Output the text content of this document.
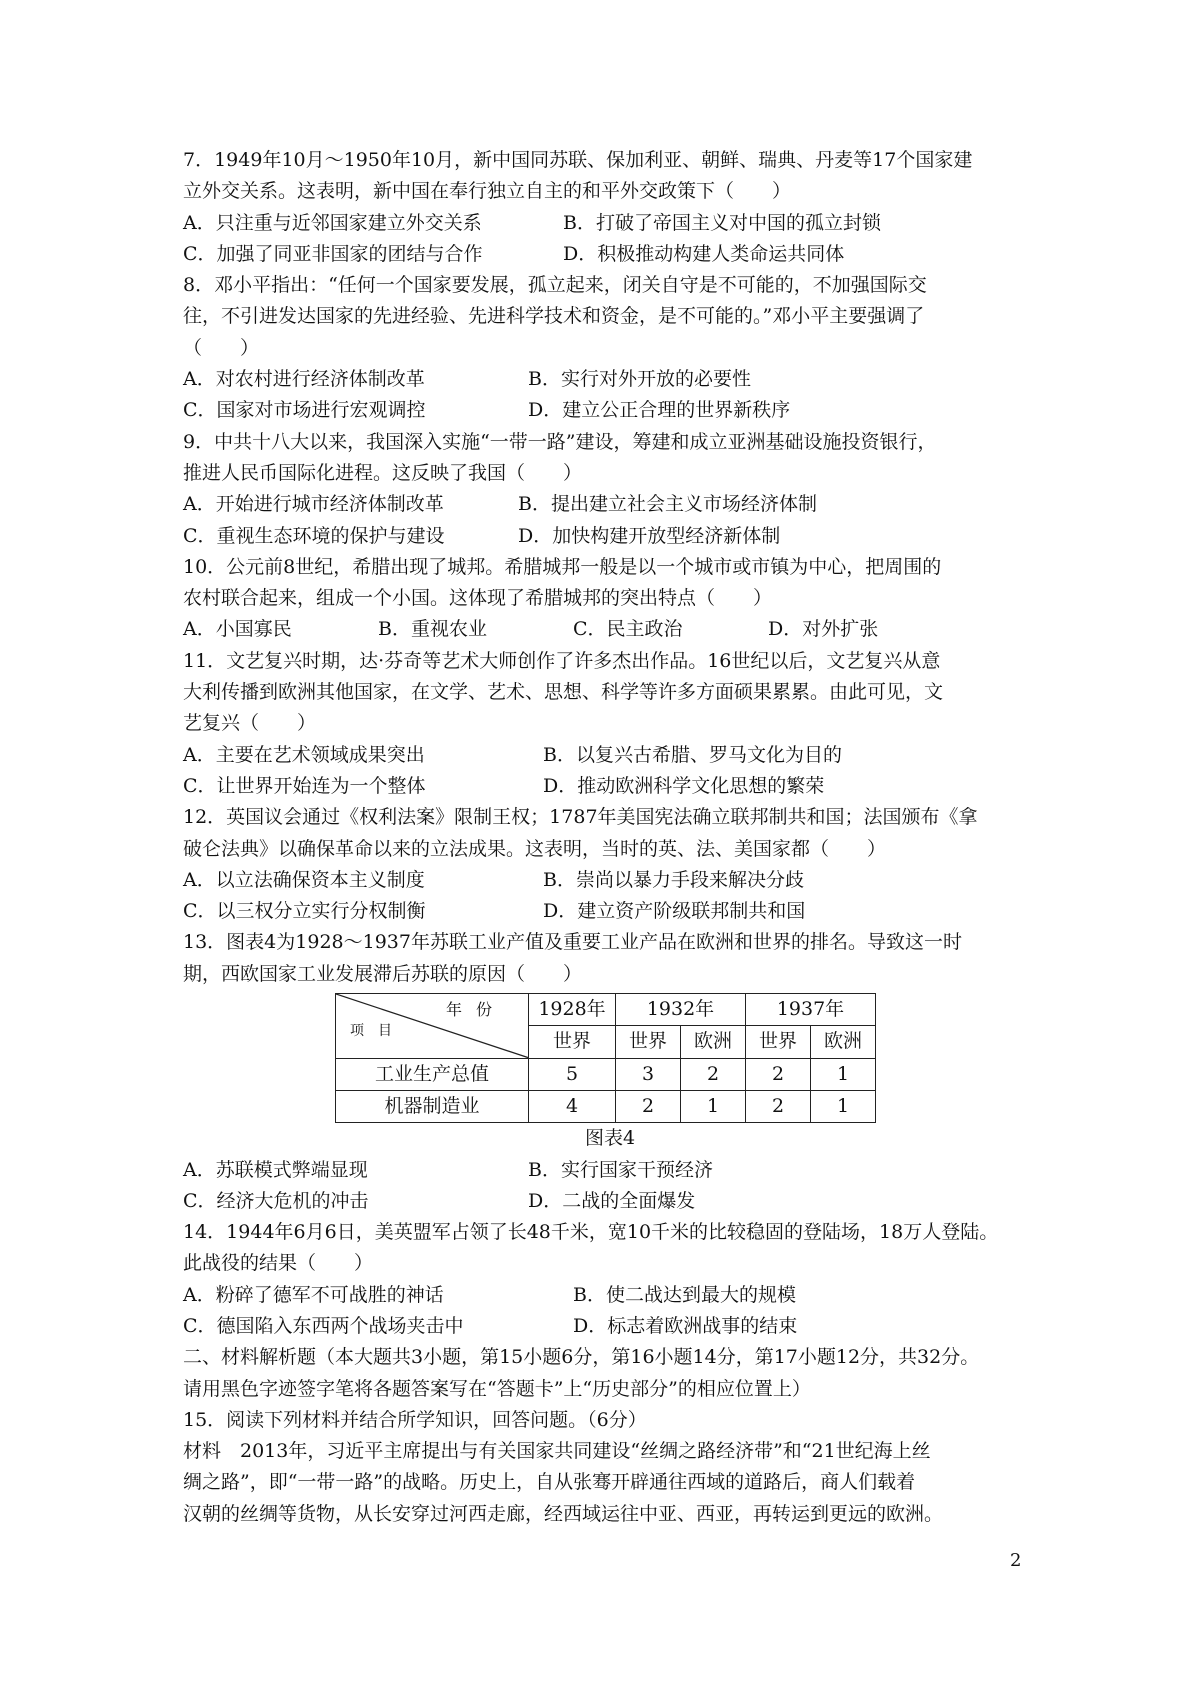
7．1949年10月～1950年10月，新中国同苏联、保加利亚、朝鲜、瑞典、丹麦等17个国家建
立外交关系。这表明，新中国在奉行独立自主的和平外交政策下（　　）
A．只注重与近邻国家建立外交关系	B．打破了帝国主义对中国的孤立封锁
C．加强了同亚非国家的团结与合作	D．积极推动构建人类命运共同体
8．邓小平指出：“任何一个国家要发展，孤立起来，闭关自守是不可能的，不加强国际交
往，不引进发达国家的先进经验、先进科学技术和资金，是不可能的。”邓小平主要强调了
（　　）
A．对农村进行经济体制改革	B．实行对外开放的必要性
C．国家对市场进行宏观调控	D．建立公正合理的世界新秩序
9．中共十八大以来，我国深入实施“一带一路”建设，筹建和成立亚洲基础设施投资银行，
推进人民币国际化进程。这反映了我国（　　）
A．开始进行城市经济体制改革	B．提出建立社会主义市场经济体制
C．重视生态环境的保护与建设	D．加快构建开放型经济新体制
10．公元前8世纪，希腊出现了城邦。希腊城邦一般是以一个城市或市镇为中心，把周围的
农村联合起来，组成一个小国。这体现了希腊城邦的突出特点（　　）
A．小国寡民	B．重视农业	C．民主政治	D．对外扩张
11．文艺复兴时期，达·芬奇等艺术大师创作了许多杰出作品。16世纪以后，文艺复兴从意
大利传播到欧洲其他国家，在文学、艺术、思想、科学等许多方面硕果累累。由此可见，文
艺复兴（　　）
A．主要在艺术领域成果突出	B．以复兴古希腊、罗马文化为目的
C．让世界开始连为一个整体	D．推动欧洲科学文化思想的繁荣
12．英国议会通过《权利法案》限制王权；1787年美国宪法确立联邦制共和国；法国颁布《拿
破仑法典》以确保革命以来的立法成果。这表明，当时的英、法、美国家都（　　）
A．以立法确保资本主义制度	B．崇尚以暴力手段来解决分歧
C．以三权分立实行分权制衡	D．建立资产阶级联邦制共和国
13．图表4为1928～1937年苏联工业产值及重要工业产品在欧洲和世界的排名。导致这一时
期，西欧国家工业发展滞后苏联的原因（　　）
年份
项　目	1928年	1932年		1937年	
	世界	世界	欧洲	世界	欧洲
工业生产总值	5	3	2	2	1
机器制造业	4	2	1	2	1
图表4
A．苏联模式弊端显现	B．实行国家干预经济
C．经济大危机的冲击	D．二战的全面爆发
14．1944年6月6日，美英盟军占领了长48千米，宽10千米的比较稳固的登陆场，18万人登陆。
此战役的结果（　　）
A．粉碎了德军不可战胜的神话	B．使二战达到最大的规模
C．德国陷入东西两个战场夹击中	D．标志着欧洲战事的结束
二、材料解析题（本大题共3小题，第15小题6分，第16小题14分，第17小题12分，共32分。
请用黑色字迹签字笔将各题答案写在“答题卡”上“历史部分”的相应位置上）
15．阅读下列材料并结合所学知识，回答问题。（6分）
材料　2013年，习近平主席提出与有关国家共同建设“丝绸之路经济带”和“21世纪海上丝
绸之路”，即“一带一路”的战略。历史上，自从张骞开辟通往西域的道路后，商人们载着
汉朝的丝绸等货物，从长安穿过河西走廊，经西域运往中亚、西亚，再转运到更远的欧洲。
2
